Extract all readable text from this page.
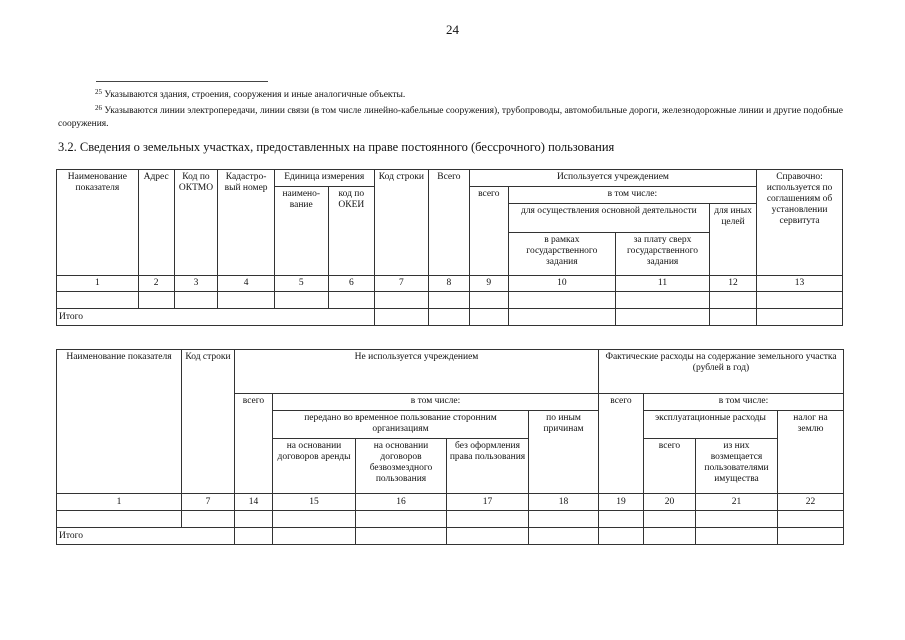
24

$^{25}$ Указываются здания, строения, сооружения и иные аналогичные объекты.

$^{26}$ Указываются линии электропередачи, линии связи (в том числе линейно-кабельные сооружения), трубопроводы, автомобильные дороги, железнодорожные линии и другие подобные сооружения.

3.2. Сведения о земельных участках, предоставленных на праве постоянного (бессрочного) пользования
Наименование показателя	Адрес	Код по ОКТМО	Кадастро-вый номер	Единица измерения		Код строки	Всего	Используется учреждением				Справочно: используется по соглашениям об установлении сервитута
				наимено-вание	код по ОКЕИ			всего	в том числе:			
									для осуществления основной деятельности		для иных целей	
									в рамках государственного задания	за плату сверх государственного задания		
1	2	3	4	5	6	7	8	9	10	11	12	13

Итого												
Наименование показателя	Код строки	Не используется учреждением					Фактические расходы на содержание земельного участка (рублей в год)			
		всего	в том числе:				всего	в том числе:		
			передано во временное пользование сторонним организациям			по иным причинам		эксплуатационные расходы		налог на землю
			на основании договоров аренды	на основании договоров безвозмездного пользования	без оформления права пользования			всего	из них возмещается пользователями имущества	
1	7	14	15	16	17	18	19	20	21	22

Итого										
